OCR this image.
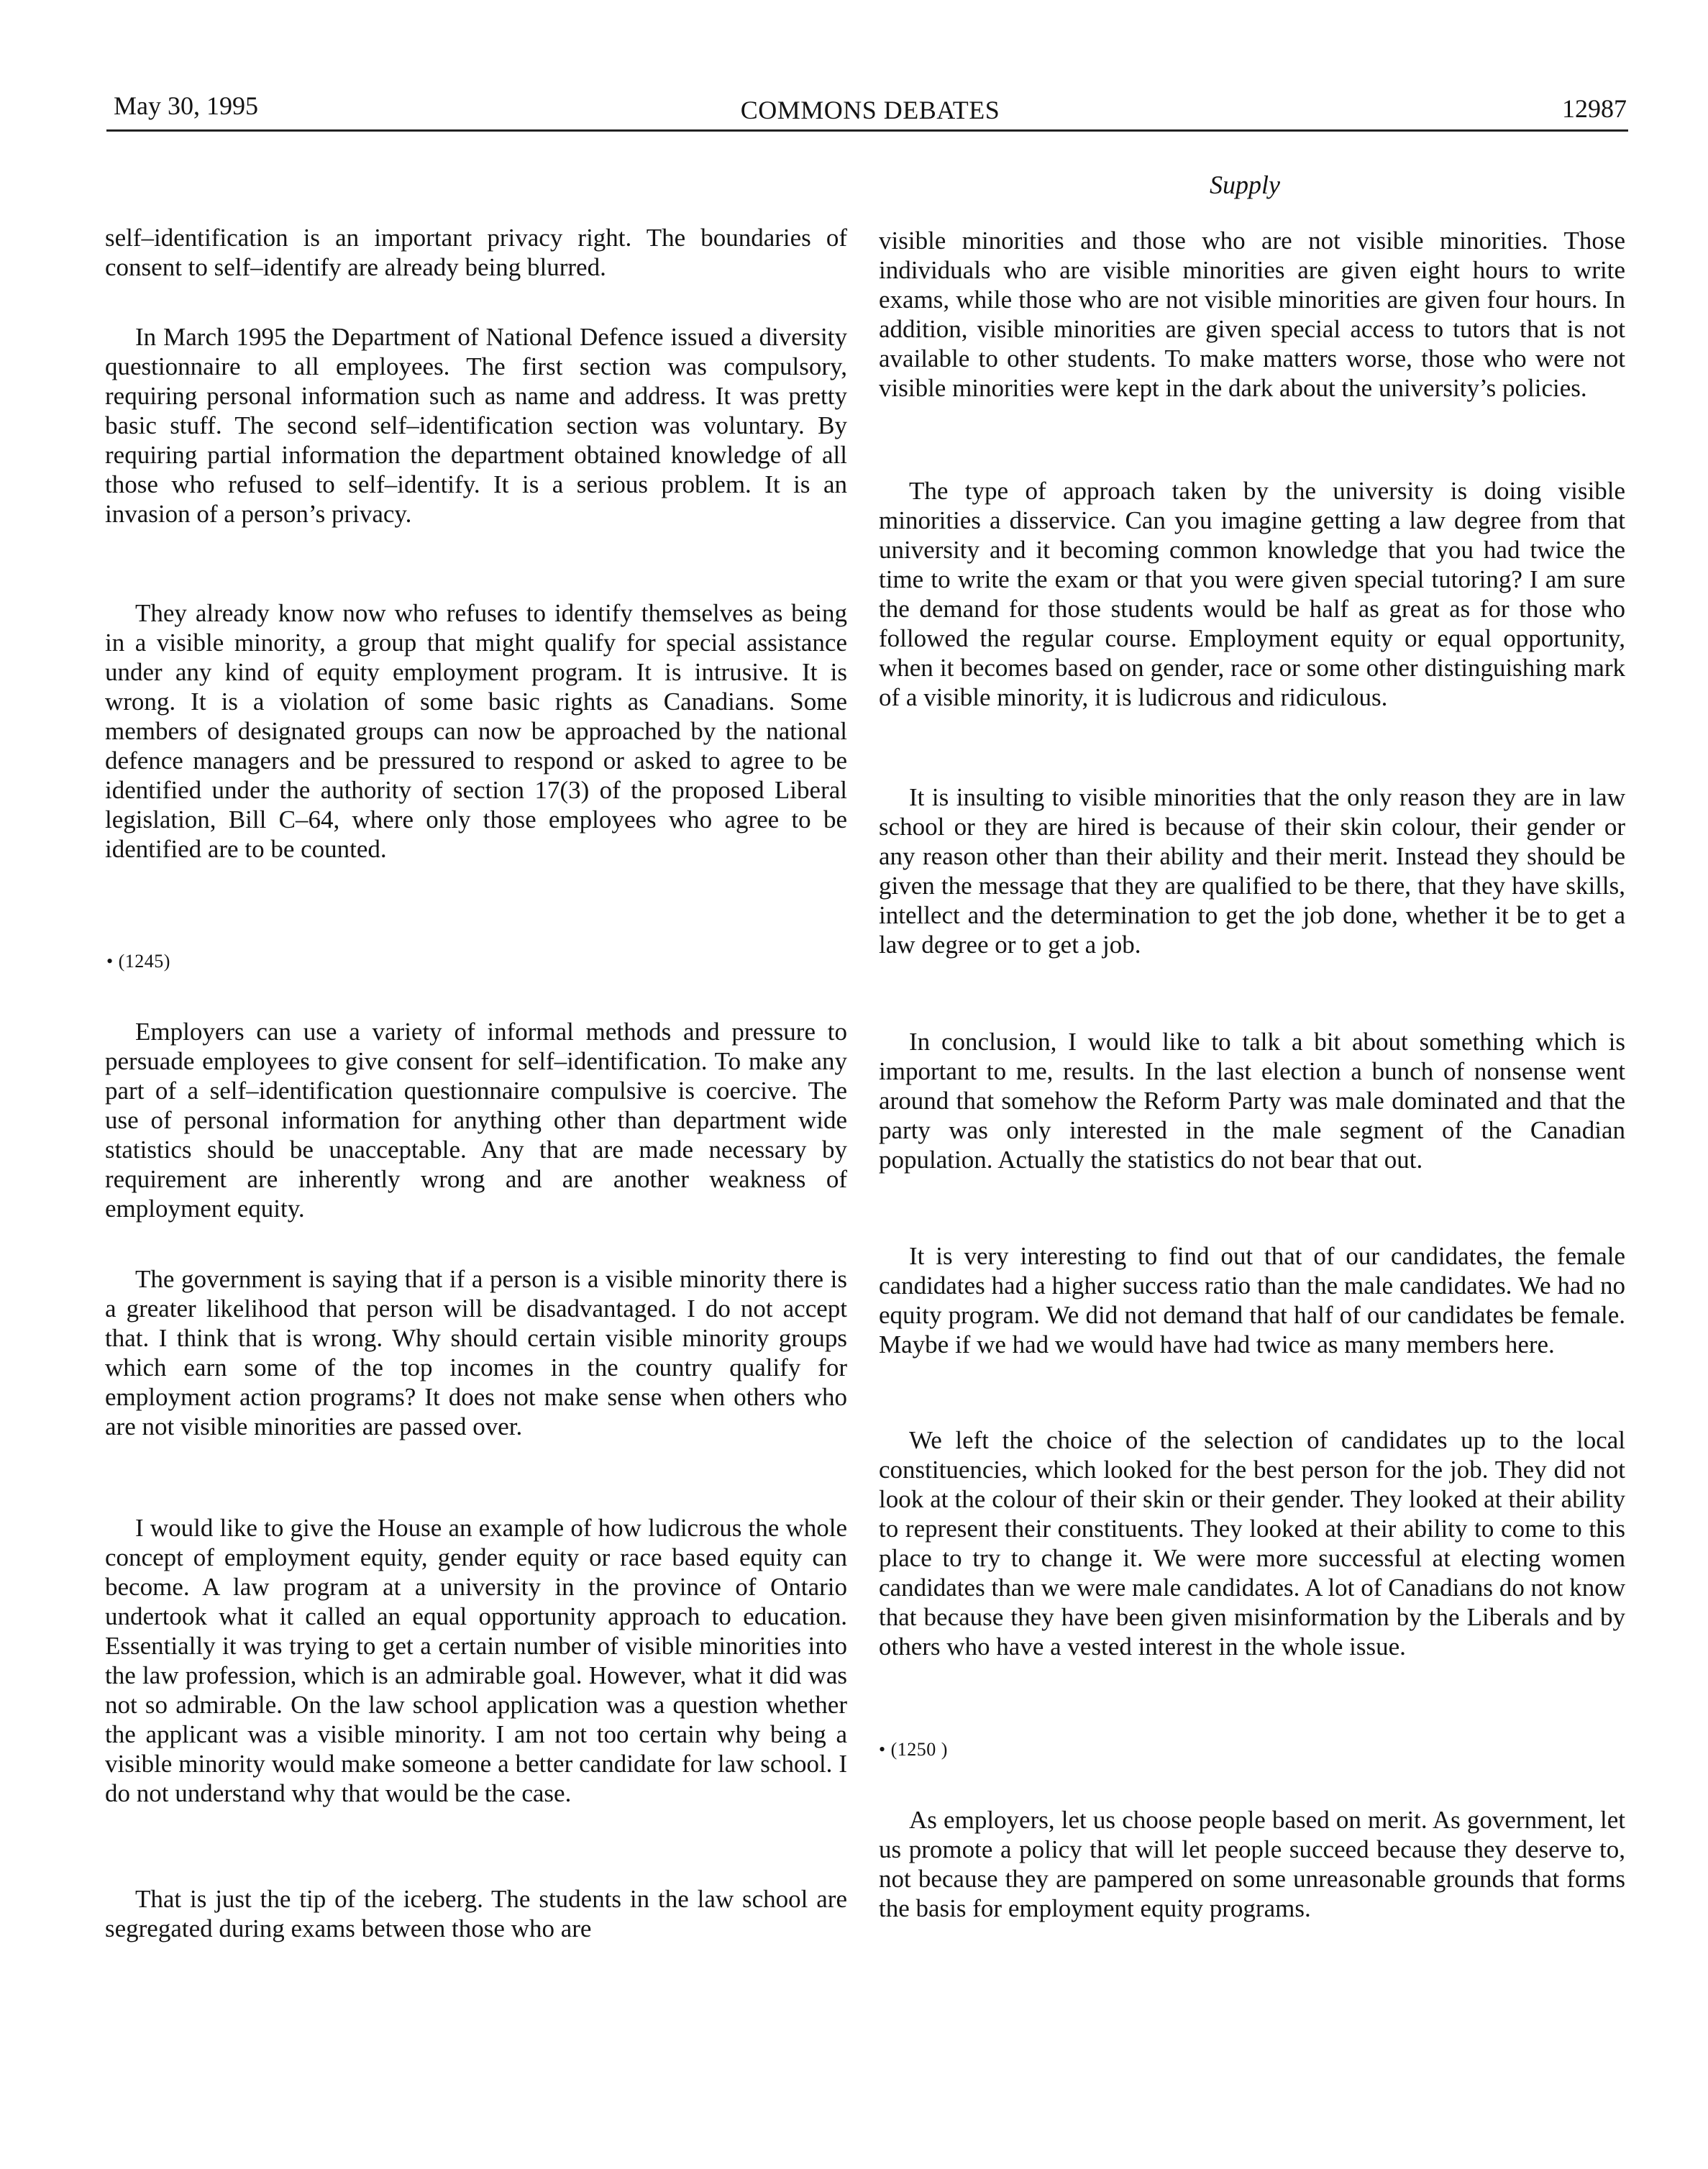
May 30, 1995	COMMONS DEBATES	12987
Supply

self–identification is an important privacy right. The boundaries of consent to self–identify are already being blurred.

In March 1995 the Department of National Defence issued a diversity questionnaire to all employees. The first section was compulsory, requiring personal information such as name and address. It was pretty basic stuff. The second self–identification section was voluntary. By requiring partial information the department obtained knowledge of all those who refused to self–identify. It is a serious problem. It is an invasion of a person’s privacy.

They already know now who refuses to identify themselves as being in a visible minority, a group that might qualify for special assistance under any kind of equity employment program. It is intrusive. It is wrong. It is a violation of some basic rights as Canadians. Some members of designated groups can now be approached by the national defence managers and be pressured to respond or asked to agree to be identified under the authority of section 17(3) of the proposed Liberal legislation, Bill C–64, where only those employees who agree to be identified are to be counted.

• (1245)

Employers can use a variety of informal methods and pressure to persuade employees to give consent for self–identification. To make any part of a self–identification questionnaire compulsive is coercive. The use of personal information for anything other than department wide statistics should be unacceptable. Any that are made necessary by requirement are inherently wrong and are another weakness of employment equity.

The government is saying that if a person is a visible minority there is a greater likelihood that person will be disadvantaged. I do not accept that. I think that is wrong. Why should certain visible minority groups which earn some of the top incomes in the country qualify for employment action programs? It does not make sense when others who are not visible minorities are passed over.

I would like to give the House an example of how ludicrous the whole concept of employment equity, gender equity or race based equity can become. A law program at a university in the province of Ontario undertook what it called an equal opportunity approach to education. Essentially it was trying to get a certain number of visible minorities into the law profession, which is an admirable goal. However, what it did was not so admirable. On the law school application was a question whether the applicant was a visible minority. I am not too certain why being a visible minority would make someone a better candidate for law school. I do not understand why that would be the case.

That is just the tip of the iceberg. The students in the law school are segregated during exams between those who are

visible minorities and those who are not visible minorities. Those individuals who are visible minorities are given eight hours to write exams, while those who are not visible minorities are given four hours. In addition, visible minorities are given special access to tutors that is not available to other students. To make matters worse, those who were not visible minorities were kept in the dark about the university’s policies.

The type of approach taken by the university is doing visible minorities a disservice. Can you imagine getting a law degree from that university and it becoming common knowledge that you had twice the time to write the exam or that you were given special tutoring? I am sure the demand for those students would be half as great as for those who followed the regular course. Employment equity or equal opportunity, when it becomes based on gender, race or some other distinguishing mark of a visible minority, it is ludicrous and ridiculous.

It is insulting to visible minorities that the only reason they are in law school or they are hired is because of their skin colour, their gender or any reason other than their ability and their merit. Instead they should be given the message that they are qualified to be there, that they have skills, intellect and the determination to get the job done, whether it be to get a law degree or to get a job.

In conclusion, I would like to talk a bit about something which is important to me, results. In the last election a bunch of nonsense went around that somehow the Reform Party was male dominated and that the party was only interested in the male segment of the Canadian population. Actually the statistics do not bear that out.

It is very interesting to find out that of our candidates, the female candidates had a higher success ratio than the male candidates. We had no equity program. We did not demand that half of our candidates be female. Maybe if we had we would have had twice as many members here.

We left the choice of the selection of candidates up to the local constituencies, which looked for the best person for the job. They did not look at the colour of their skin or their gender. They looked at their ability to represent their constituents. They looked at their ability to come to this place to try to change it. We were more successful at electing women candidates than we were male candidates. A lot of Canadians do not know that because they have been given misinformation by the Liberals and by others who have a vested interest in the whole issue.

• (1250 )

As employers, let us choose people based on merit. As government, let us promote a policy that will let people succeed because they deserve to, not because they are pampered on some unreasonable grounds that forms the basis for employment equity programs.
